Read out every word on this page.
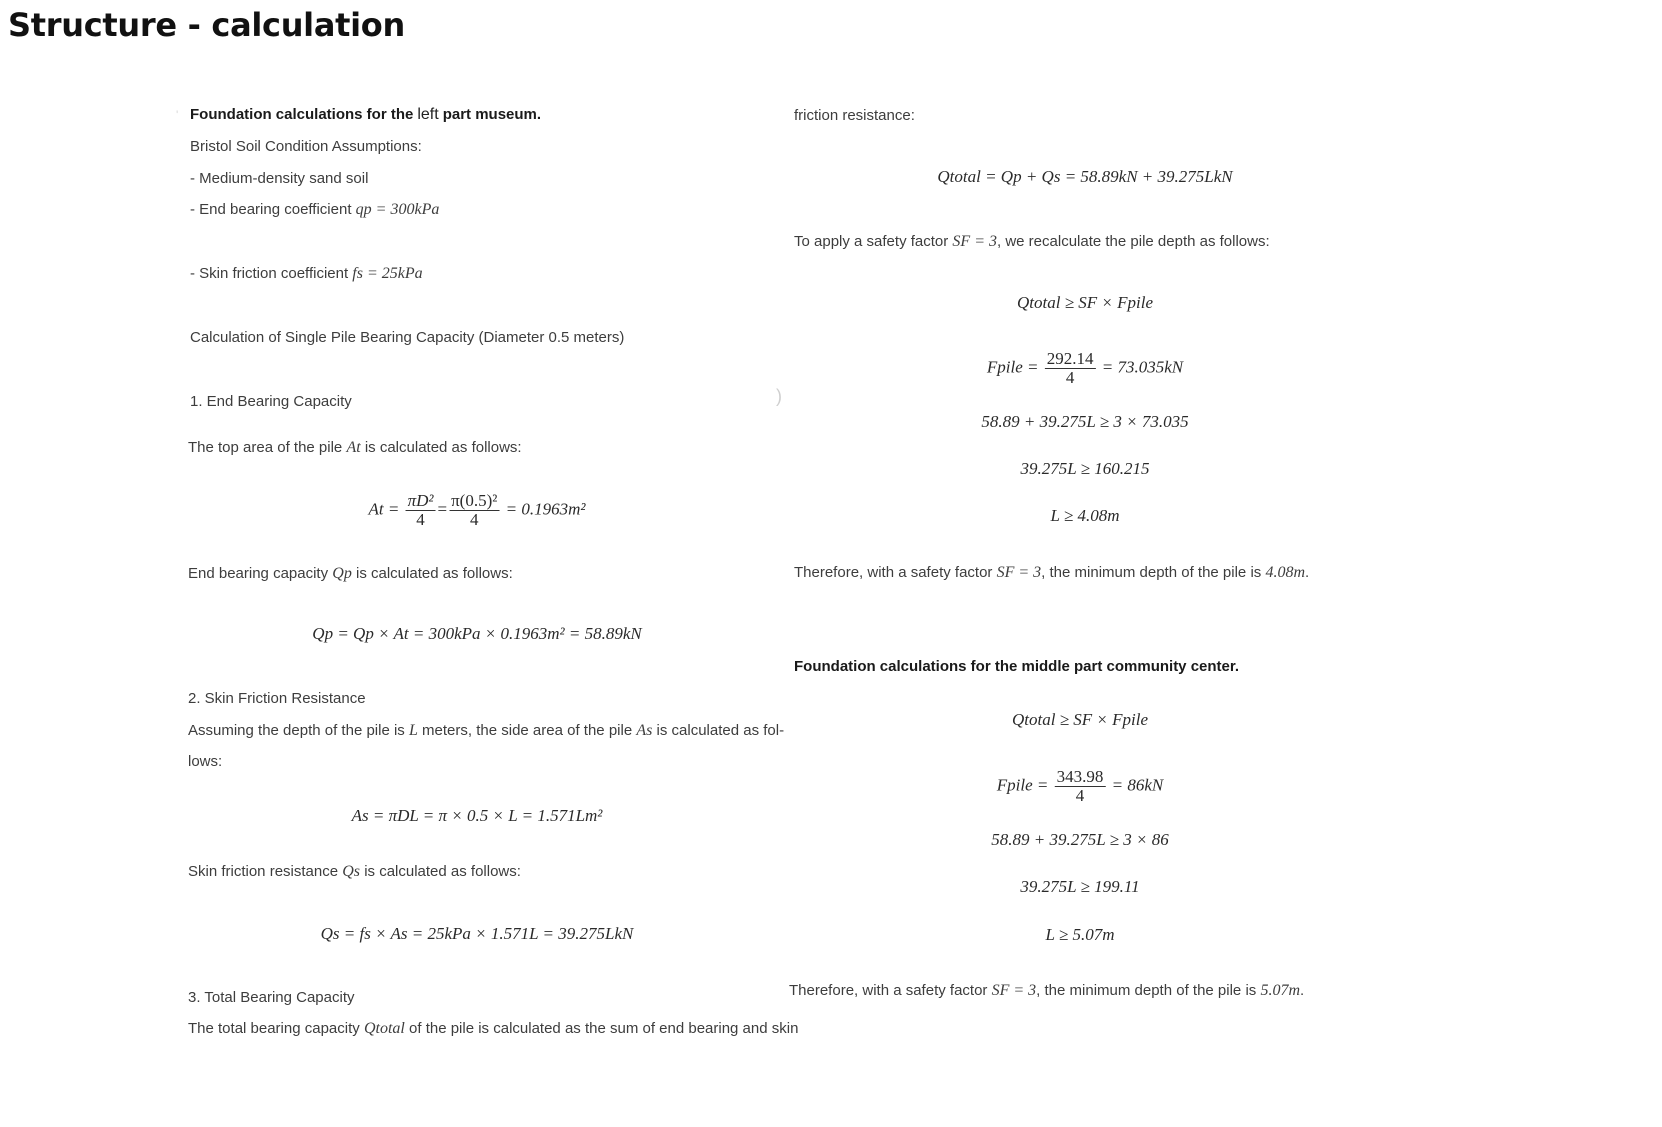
Structure - calculation
' Foundation calculations for the left part museum.
Bristol Soil Condition Assumptions:
- Medium-density sand soil
- End bearing coefficient qp = 300kPa
- Skin friction coefficient fs = 25kPa
Calculation of Single Pile Bearing Capacity (Diameter 0.5 meters)
1. End Bearing Capacity
The top area of the pile At is calculated as follows:
$At = \frac{\text{πD²}}{4} = \frac{\text{π(0.5)²}}{4} = 0.1963m^2$
End bearing capacity Qp is calculated as follows:
Qp = Qp × At = 300kPa × 0.1963m² = 58.89kN
2. Skin Friction Resistance
Assuming the depth of the pile is L meters, the side area of the pile As is calculated as fol-
lows:
As = πDL = π × 0.5 × L = 1.571Lm²
Skin friction resistance Qs is calculated as follows:
Qs = fs × As = 25kPa × 1.571L = 39.275LkN
3. Total Bearing Capacity
The total bearing capacity Qtotal of the pile is calculated as the sum of end bearing and skin
)
friction resistance:
Qtotal = Qp + Qs = 58.89kN + 39.275LkN
To apply a safety factor SF = 3, we recalculate the pile depth as follows:
Qtotal ≥ SF × Fpile
Fpile = $\frac{292.14}{4} = 73.035kN$
58.89 + 39.275L ≥ 3 × 73.035
39.275L ≥ 160.215
L ≥ 4.08m
Therefore, with a safety factor SF = 3, the minimum depth of the pile is 4.08m.
Foundation calculations for the middle part community center.
Qtotal ≥ SF × Fpile
Fpile = $\frac{343.98}{4} = 86kN$
58.89 + 39.275L ≥ 3 × 86
39.275L ≥ 199.11
L ≥ 5.07m
Therefore, with a safety factor SF = 3, the minimum depth of the pile is 5.07m.
